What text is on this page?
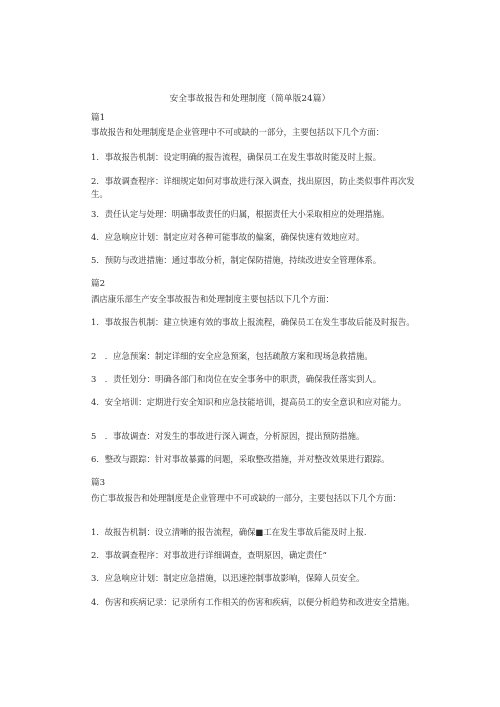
安全事故报告和处理制度（简单版24篇）
篇1
事故报告和处理制度是企业管理中不可或缺的一部分，主要包括以下几个方面：
1．事故报告机制：设定明确的报告流程，确保员工在发生事故时能及时上报。
2．事故调查程序：详细规定如何对事故进行深入调查，找出原因，防止类似事件再次发生。
3．责任认定与处理：明确事故责任的归属，根据责任大小采取相应的处理措施。
4．应急响应计划：制定应对各种可能事故的偏案，确保快速有效地应对。
5．预防与改进措施：通过事故分析，制定保防措施，持续改进安全管理体系。
篇2
酒店康乐部生产安全事故报告和处理制度主要包括以下几个方面：
1．事故报告机制：建立快速有效的事故上报流程，确保员工在发生事故后能及时报告。
2　．应急预案：制定详细的安全应急预案，包括疏散方案和现场急救措施。
3　．责任划分：明确各部门和岗位在安全事务中的职责，确保我任落实到人。
4．安全培训：定期进行安全知识和应急技能培训，提高员工的安全意识和应对能力。
5　．事故调查：对发生的事故进行深入调查，分析原因，提出预防措施。
6．整改与跟踪：针对事故暴露的问题，采取整改措施，并对整改效果进行跟踪。
篇3
伤亡事故报告和处理制度是企业管理中不可或缺的一部分，主要包括以下几个方面：
1．故报告机制：设立清晰的报告流程，确保■工在发生事故后能及时上报.
2．事故调查程序：对事故进行详细调查，查明原因，确定责任“
3．应急响应计划：制定应急措施，以迅速控制事故影响，保障人员安全。
4．伤害和疾病记录：记录所有工作相关的伤害和疾病，以便分析趋势和改进安全措施。
